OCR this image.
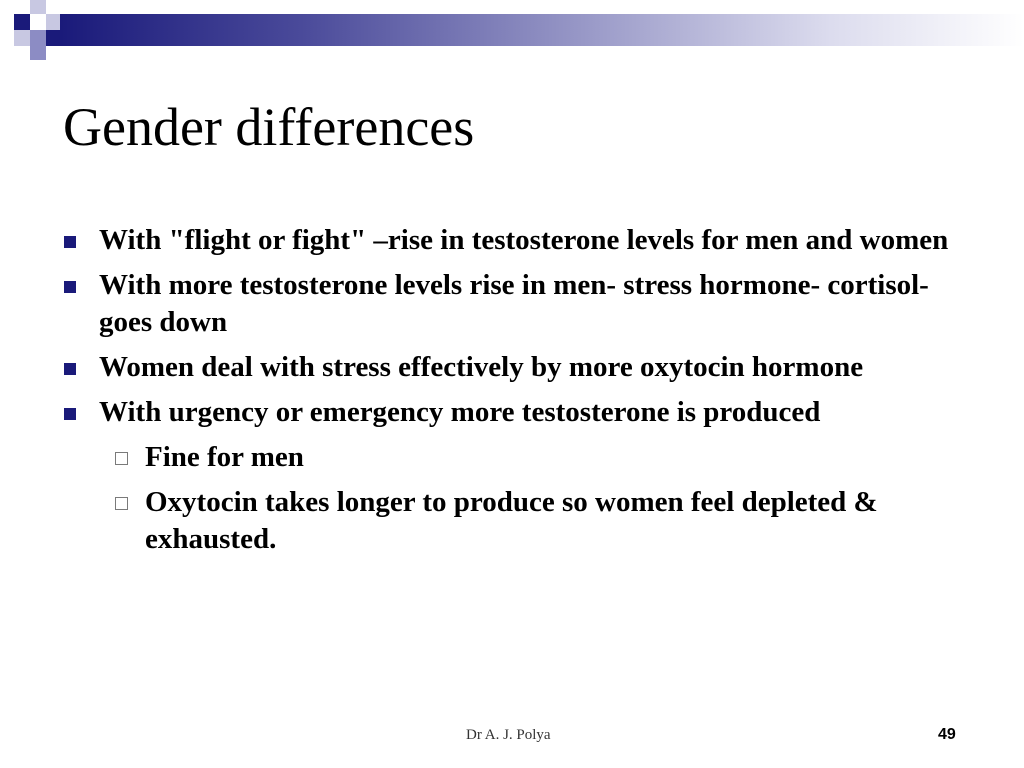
Gender differences
With "flight or fight" –rise in testosterone levels for men and women
With more testosterone levels rise in men- stress hormone- cortisol-goes down
Women deal with stress effectively by more oxytocin hormone
With urgency or emergency more testosterone is produced
Fine for men
Oxytocin takes longer to produce so women feel depleted & exhausted.
Dr A. J. Polya	49
